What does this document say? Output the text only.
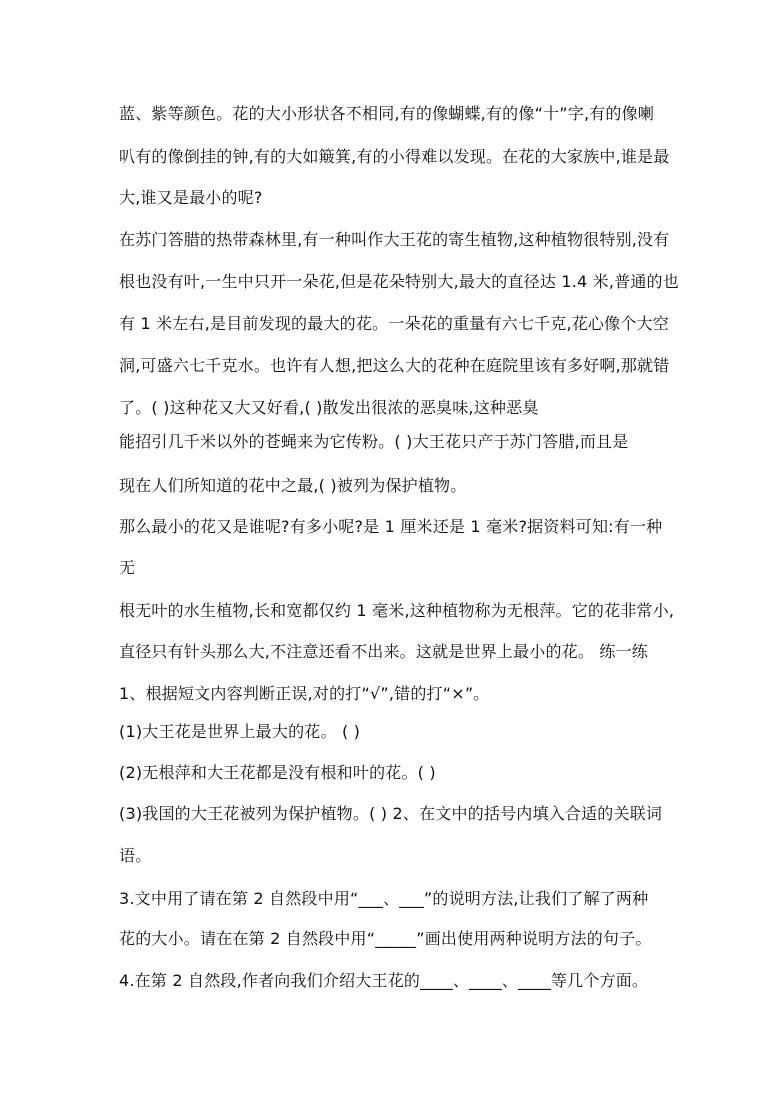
蓝、紫等颜色。花的大小形状各不相同,有的像蝴蝶,有的像“十”字,有的像喇
叭有的像倒挂的钟,有的大如簸箕,有的小得难以发现。在花的大家族中,谁是最
大,谁又是最小的呢?
在苏门答腊的热带森林里,有一种叫作大王花的寄生植物,这种植物很特别,没有
根也没有叶,一生中只开一朵花,但是花朵特别大,最大的直径达 1.4 米,普通的也
有 1 米左右,是目前发现的最大的花。一朵花的重量有六七千克,花心像个大空
洞,可盛六七千克水。也许有人想,把这么大的花种在庭院里该有多好啊,那就错
了。( )这种花又大又好看,( )散发出很浓的恶臭味,这种恶臭
能招引几千米以外的苍蝇来为它传粉。( )大王花只产于苏门答腊,而且是
现在人们所知道的花中之最,( )被列为保护植物。
那么最小的花又是谁呢?有多小呢?是 1 厘米还是 1 毫米?据资料可知:有一种
无
根无叶的水生植物,长和宽都仅约 1 毫米,这种植物称为无根萍。它的花非常小,
直径只有针头那么大,不注意还看不出来。这就是世界上最小的花。 练一练
1、根据短文内容判断正误,对的打“√”,错的打“×”。
(1)大王花是世界上最大的花。 ( )
(2)无根萍和大王花都是没有根和叶的花。( )
(3)我国的大王花被列为保护植物。( ) 2、在文中的括号内填入合适的关联词
语。
3.文中用了请在第 2 自然段中用“___、___”的说明方法,让我们了解了两种
花的大小。请在在第 2 自然段中用“_____”画出使用两种说明方法的句子。
4.在第 2 自然段,作者向我们介绍大王花的____、____、____等几个方面。
